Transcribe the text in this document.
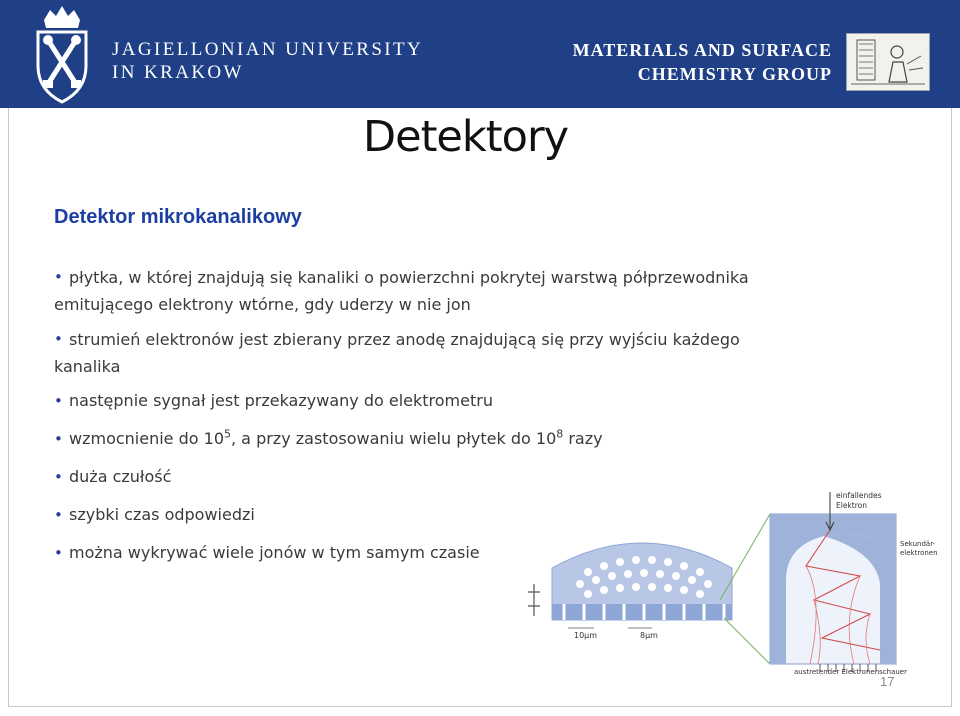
JAGIELLONIAN UNIVERSITY
IN KRAKOW
MATERIALS AND SURFACE
CHEMISTRY GROUP
Detektory
Detektor mikrokanalikowy
• płytka, w której znajdują się kanaliki o powierzchni pokrytej warstwą półprzewodnika
emitującego elektrony wtórne, gdy uderzy w nie jon
• strumień elektronów jest zbierany przez anodę znajdującą się przy wyjściu każdego
kanalika
• następnie sygnał jest przekazywany do elektrometru
• wzmocnienie do $10^5$, a przy zastosowaniu wielu płytek do $10^8$ razy
• duża czułość
• szybki czas odpowiedzi
• można wykrywać wiele jonów w tym samym czasie
10μm	8μm
einfallendes
Elektron
Sekundär-
elektronen
austretender Elektronenschauer
17
